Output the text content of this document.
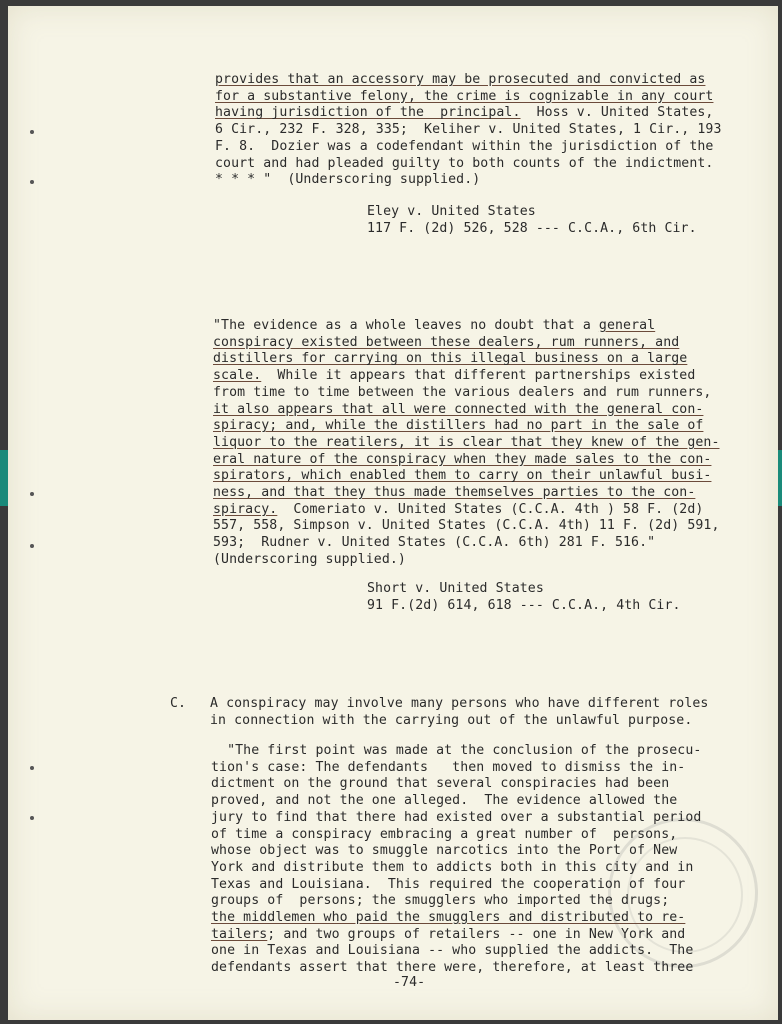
provides that an accessory may be prosecuted and convicted as
for a substantive felony, the crime is cognizable in any court
having jurisdiction of the  principal.  Hoss v. United States,
6 Cir., 232 F. 328, 335;  Keliher v. United States, 1 Cir., 193
F. 8.  Dozier was a codefendant within the jurisdiction of the
court and had pleaded guilty to both counts of the indictment.
* * * "  (Underscoring supplied.)
Eley v. United States
117 F. (2d) 526, 528 --- C.C.A., 6th Cir.
"The evidence as a whole leaves no doubt that a general
conspiracy existed between these dealers, rum runners, and
distillers for carrying on this illegal business on a large
scale.  While it appears that different partnerships existed
from time to time between the various dealers and rum runners,
it also appears that all were connected with the general con-
spiracy; and, while the distillers had no part in the sale of
liquor to the reatilers, it is clear that they knew of the gen-
eral nature of the conspiracy when they made sales to the con-
spirators, which enabled them to carry on their unlawful busi-
ness, and that they thus made themselves parties to the con-
spiracy.  Comeriato v. United States (C.C.A. 4th ) 58 F. (2d)
557, 558, Simpson v. United States (C.C.A. 4th) 11 F. (2d) 591,
593;  Rudner v. United States (C.C.A. 6th) 281 F. 516."
(Underscoring supplied.)
Short v. United States
91 F.(2d) 614, 618 --- C.C.A., 4th Cir.
C. A conspiracy may involve many persons who have different roles
in connection with the carrying out of the unlawful purpose.
"The first point was made at the conclusion of the prosecu-
tion's case: The defendants   then moved to dismiss the in-
dictment on the ground that several conspiracies had been
proved, and not the one alleged.  The evidence allowed the
jury to find that there had existed over a substantial period
of time a conspiracy embracing a great number of  persons,
whose object was to smuggle narcotics into the Port of New
York and distribute them to addicts both in this city and in
Texas and Louisiana.  This required the cooperation of four
groups of  persons; the smugglers who imported the drugs;
the middlemen who paid the smugglers and distributed to re-
tailers; and two groups of retailers -- one in New York and
one in Texas and Louisiana -- who supplied the addicts.  The
defendants assert that there were, therefore, at least three
-74-
